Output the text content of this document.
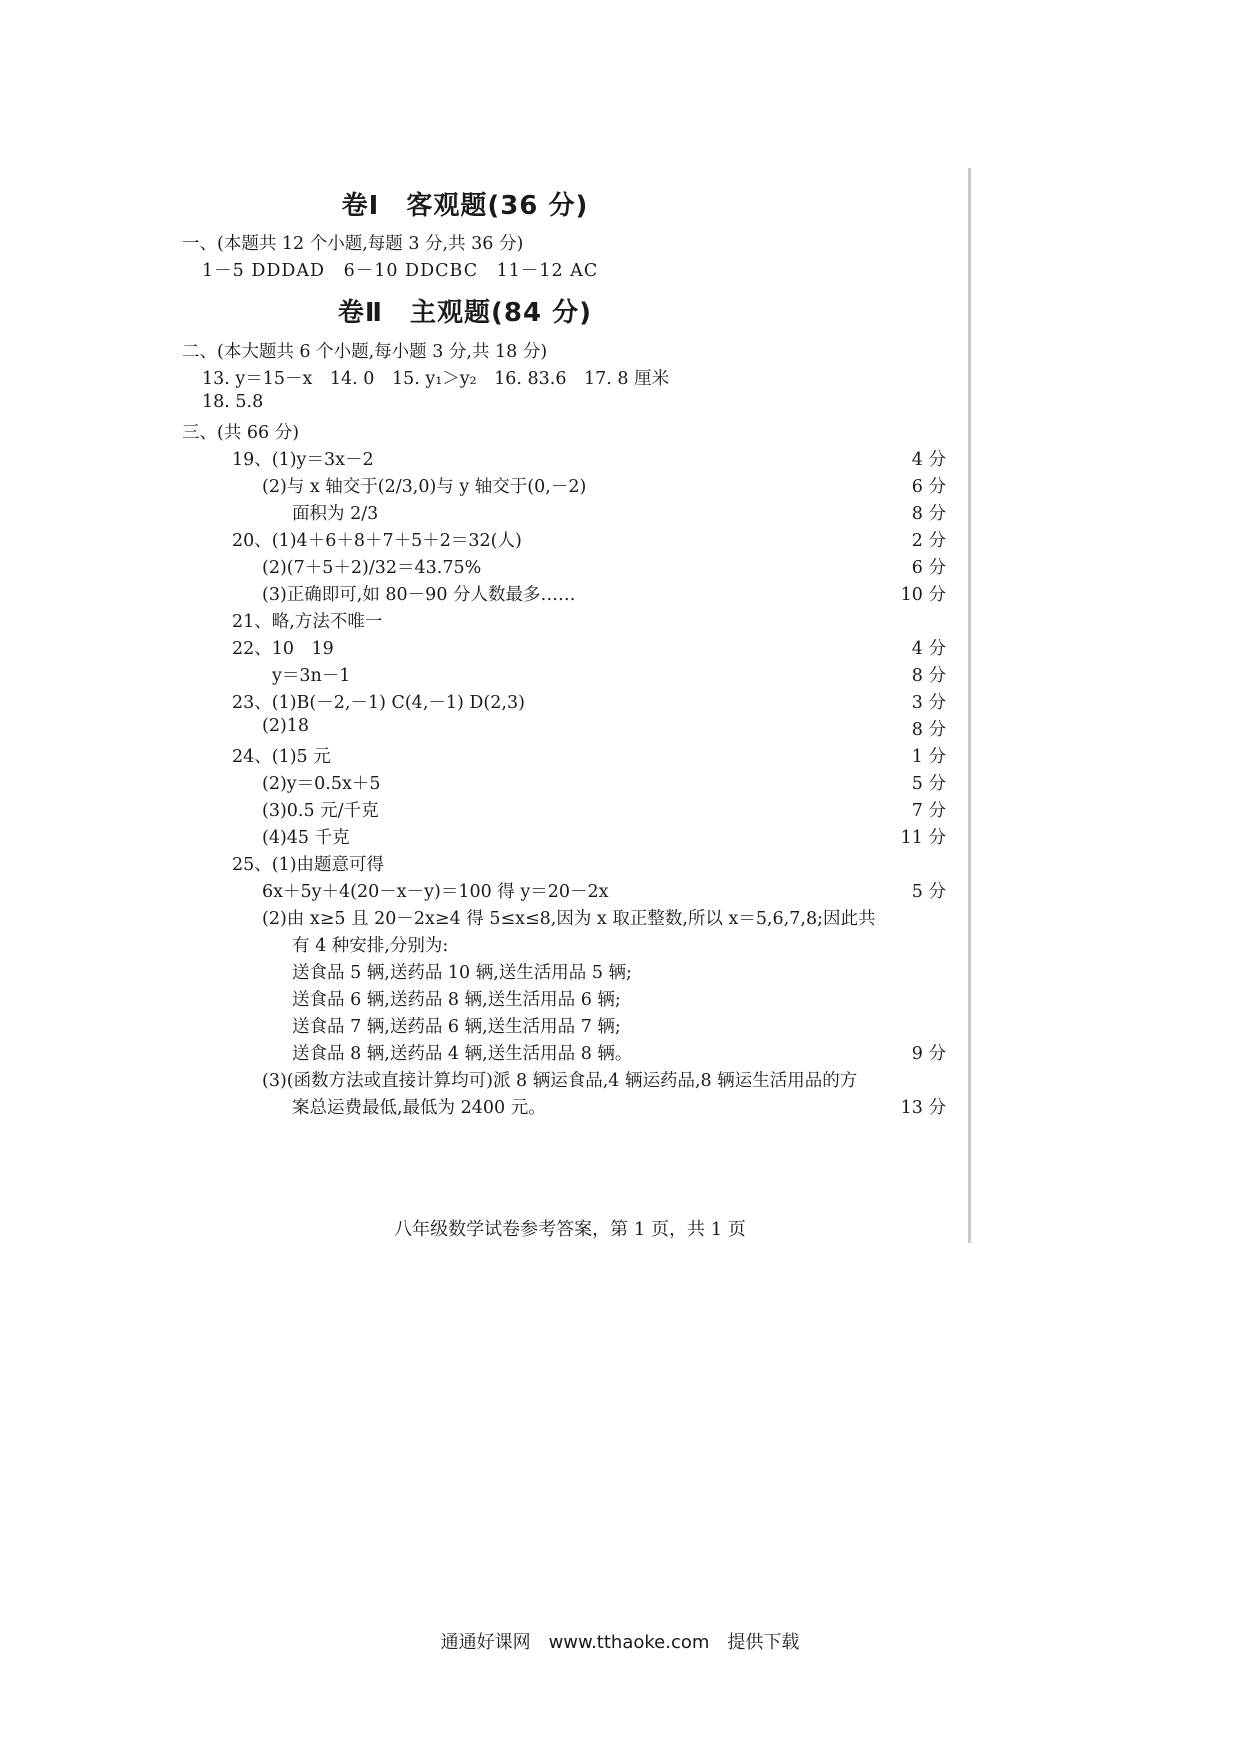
卷Ⅰ　客观题(36 分)
一、(本题共 12 个小题,每题 3 分,共 36 分)
1－5 DDDAD　6－10 DDCBC　11－12 AC
卷Ⅱ　主观题(84 分)
二、(本大题共 6 个小题,每小题 3 分,共 18 分)
13. y＝15－x　14. 0　15. y₁＞y₂　16. 83.6　17. 8 厘米
18. 5.8
三、(共 66 分)
19、(1)y＝3x－2	4 分
(2)与 x 轴交于(2/3,0)与 y 轴交于(0,－2)	6 分
面积为 2/3	8 分
20、(1)4＋6＋8＋7＋5＋2＝32(人)	2 分
(2)(7＋5＋2)/32＝43.75%	6 分
(3)正确即可,如 80－90 分人数最多……	10 分
21、略,方法不唯一
22、10　19	4 分
y＝3n－1	8 分
23、(1)B(－2,－1) C(4,－1) D(2,3)	3 分
(2)18	8 分
24、(1)5 元	1 分
(2)y＝0.5x＋5	5 分
(3)0.5 元/千克	7 分
(4)45 千克	11 分
25、(1)由题意可得
6x＋5y＋4(20－x－y)＝100 得 y＝20－2x	5 分
(2)由 x≥5 且 20－2x≥4 得 5≤x≤8,因为 x 取正整数,所以 x＝5,6,7,8;因此共
有 4 种安排,分别为:
送食品 5 辆,送药品 10 辆,送生活用品 5 辆;
送食品 6 辆,送药品 8 辆,送生活用品 6 辆;
送食品 7 辆,送药品 6 辆,送生活用品 7 辆;
送食品 8 辆,送药品 4 辆,送生活用品 8 辆。	9 分
(3)(函数方法或直接计算均可)派 8 辆运食品,4 辆运药品,8 辆运生活用品的方
案总运费最低,最低为 2400 元。	13 分
八年级数学试卷参考答案，第 1 页，共 1 页
通通好课网　www.tthaoke.com　提供下载
